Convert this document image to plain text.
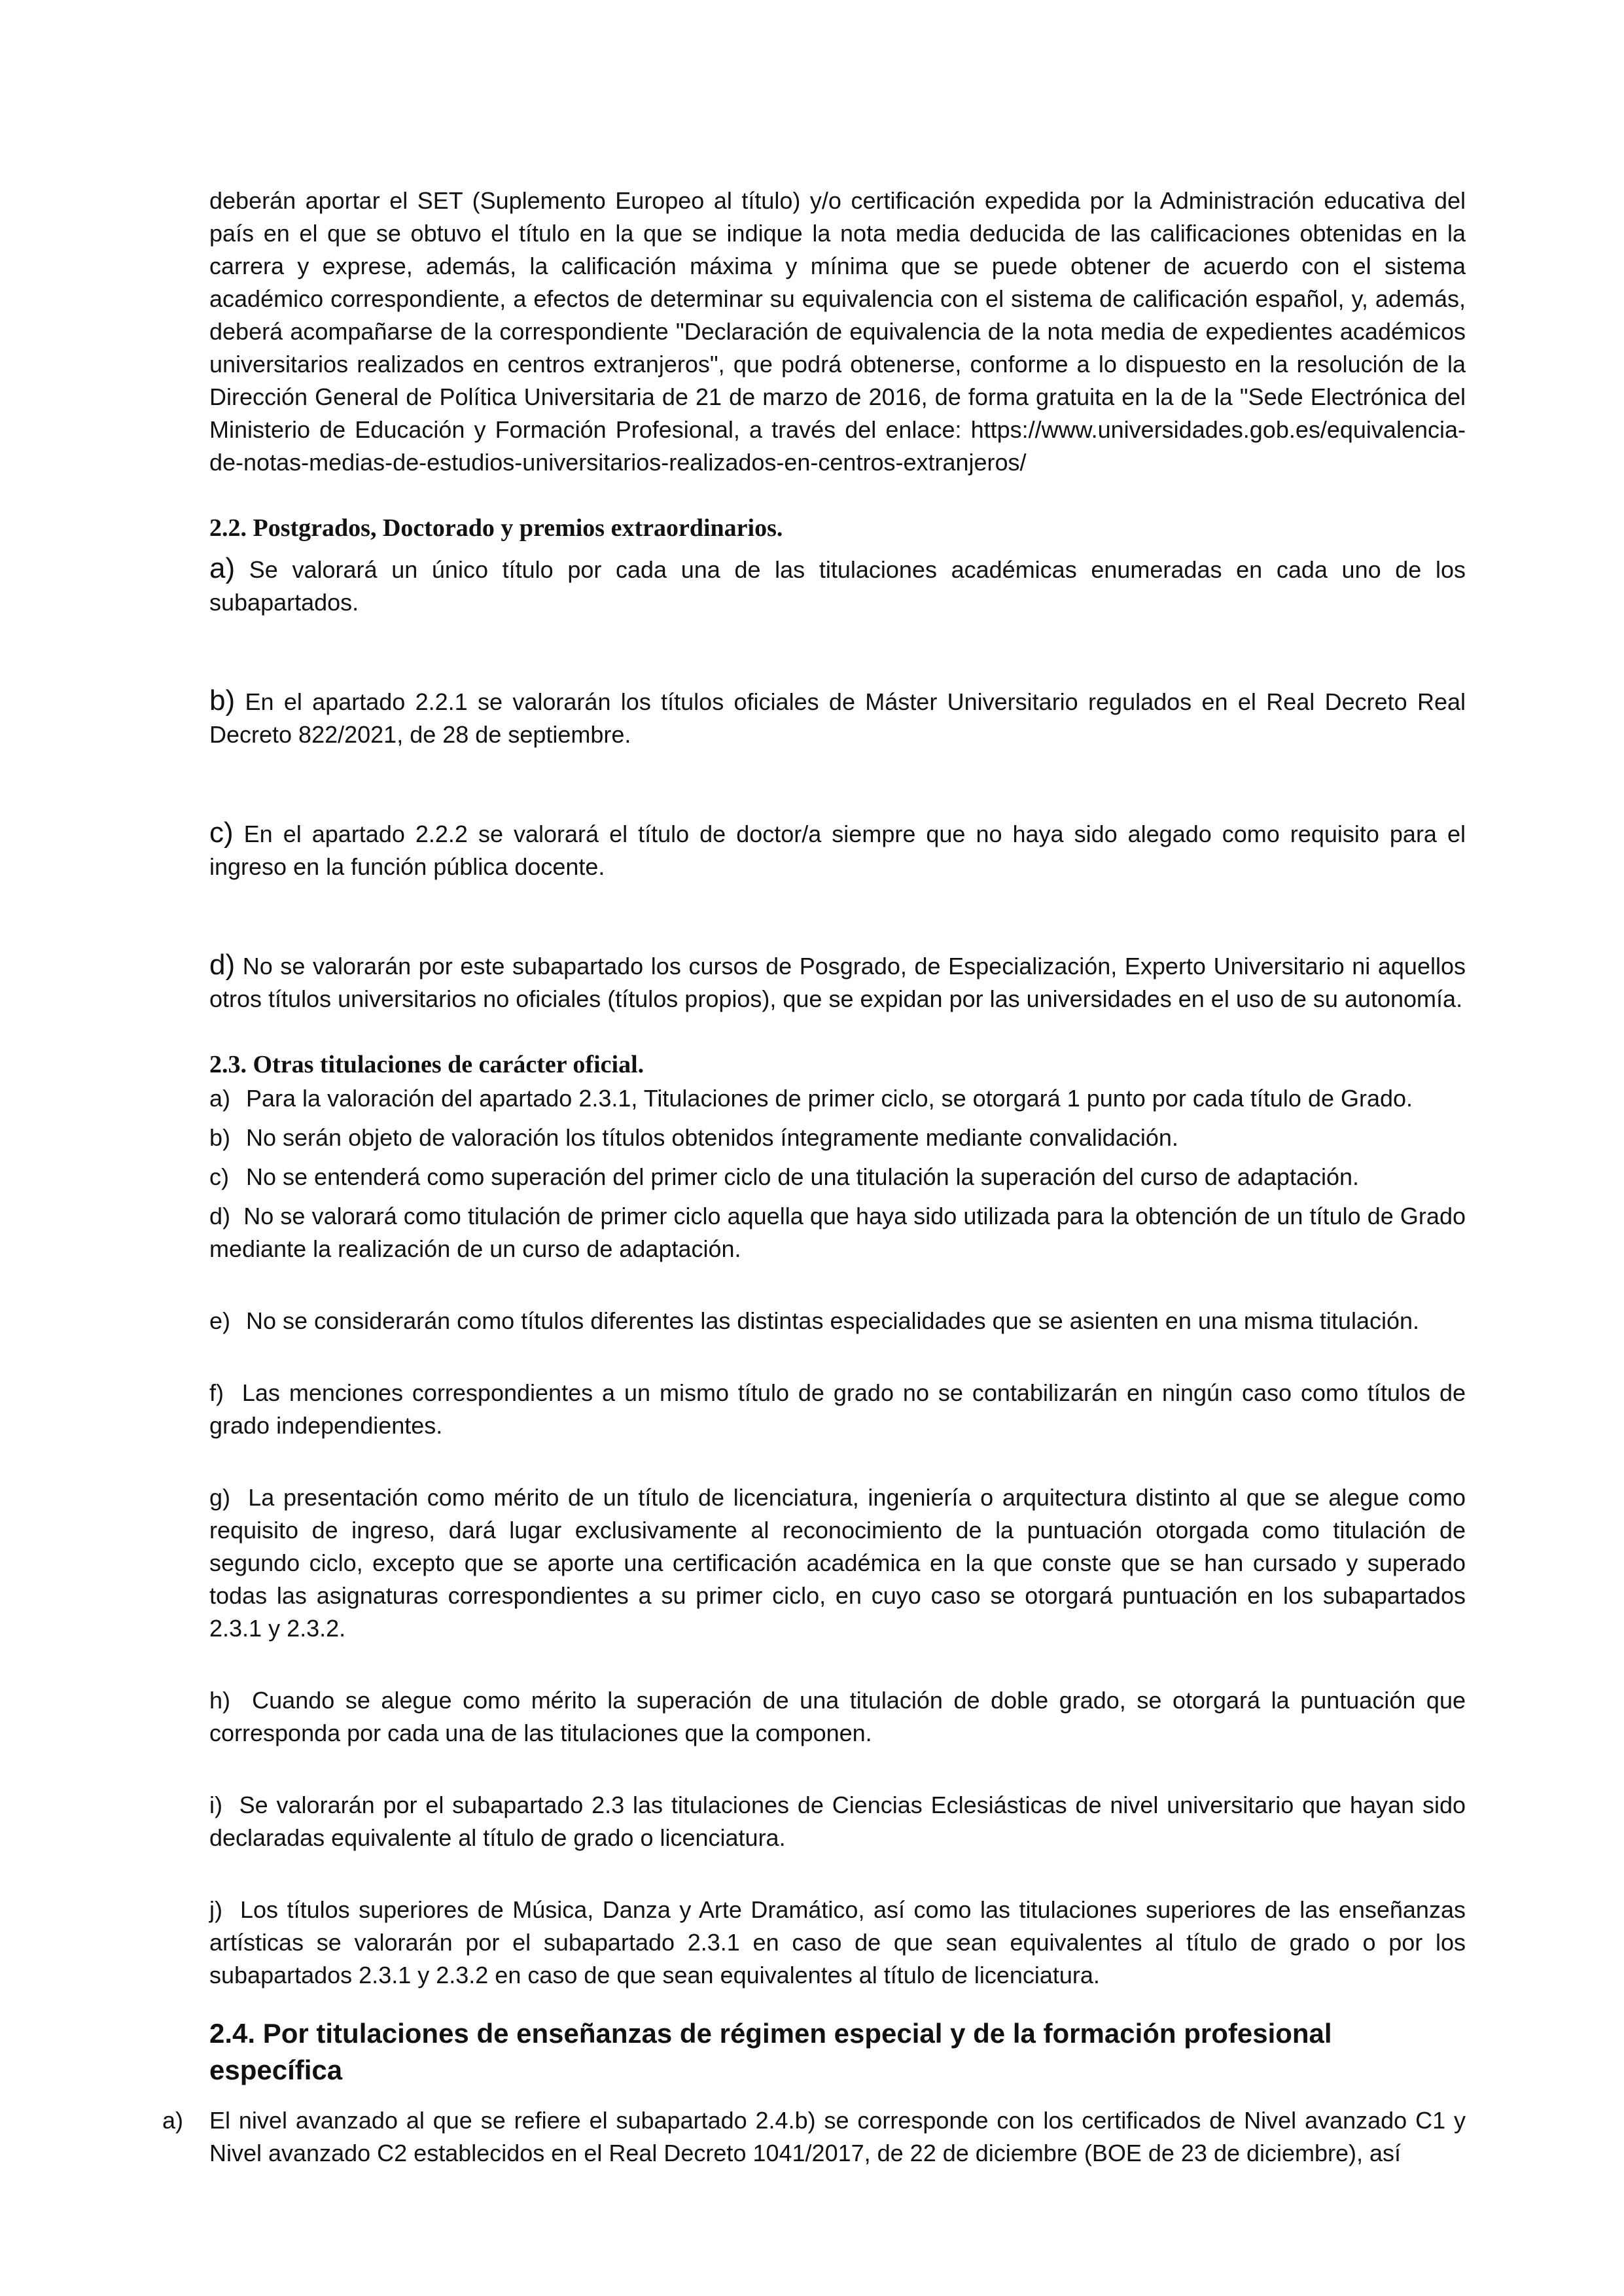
deberán aportar el SET (Suplemento Europeo al título) y/o certificación expedida por la Administración educativa del país en el que se obtuvo el título en la que se indique la nota media deducida de las calificaciones obtenidas en la carrera y exprese, además, la calificación máxima y mínima que se puede obtener de acuerdo con el sistema académico correspondiente, a efectos de determinar su equivalencia con el sistema de calificación español, y, además, deberá acompañarse de la correspondiente "Declaración de equivalencia de la nota media de expedientes académicos universitarios realizados en centros extranjeros", que podrá obtenerse, conforme a lo dispuesto en la resolución de la Dirección General de Política Universitaria de 21 de marzo de 2016, de forma gratuita en la de la "Sede Electrónica del Ministerio de Educación y Formación Profesional, a través del enlace: https://www.universidades.gob.es/equivalencia-de-notas-medias-de-estudios-universitarios-realizados-en-centros-extranjeros/

2.2. Postgrados, Doctorado y premios extraordinarios.

a) Se valorará un único título por cada una de las titulaciones académicas enumeradas en cada uno de los subapartados.

b) En el apartado 2.2.1 se valorarán los títulos oficiales de Máster Universitario regulados en el Real Decreto Real Decreto 822/2021, de 28 de septiembre.

c) En el apartado 2.2.2 se valorará el título de doctor/a siempre que no haya sido alegado como requisito para el ingreso en la función pública docente.

d) No se valorarán por este subapartado los cursos de Posgrado, de Especialización, Experto Universitario ni aquellos otros títulos universitarios no oficiales (títulos propios), que se expidan por las universidades en el uso de su autonomía.

2.3. Otras titulaciones de carácter oficial.

a) Para la valoración del apartado 2.3.1, Titulaciones de primer ciclo, se otorgará 1 punto por cada título de Grado.

b) No serán objeto de valoración los títulos obtenidos íntegramente mediante convalidación.

c) No se entenderá como superación del primer ciclo de una titulación la superación del curso de adaptación.

d) No se valorará como titulación de primer ciclo aquella que haya sido utilizada para la obtención de un título de Grado mediante la realización de un curso de adaptación.

e) No se considerarán como títulos diferentes las distintas especialidades que se asienten en una misma titulación.

f) Las menciones correspondientes a un mismo título de grado no se contabilizarán en ningún caso como títulos de grado independientes.

g) La presentación como mérito de un título de licenciatura, ingeniería o arquitectura distinto al que se alegue como requisito de ingreso, dará lugar exclusivamente al reconocimiento de la puntuación otorgada como titulación de segundo ciclo, excepto que se aporte una certificación académica en la que conste que se han cursado y superado todas las asignaturas correspondientes a su primer ciclo, en cuyo caso se otorgará puntuación en los subapartados 2.3.1 y 2.3.2.

h) Cuando se alegue como mérito la superación de una titulación de doble grado, se otorgará la puntuación que corresponda por cada una de las titulaciones que la componen.

i) Se valorarán por el subapartado 2.3 las titulaciones de Ciencias Eclesiásticas de nivel universitario que hayan sido declaradas equivalente al título de grado o licenciatura.

j) Los títulos superiores de Música, Danza y Arte Dramático, así como las titulaciones superiores de las enseñanzas artísticas se valorarán por el subapartado 2.3.1 en caso de que sean equivalentes al título de grado o por los subapartados 2.3.1 y 2.3.2 en caso de que sean equivalentes al título de licenciatura.

2.4. Por titulaciones de enseñanzas de régimen especial y de la formación profesional específica

a)	El nivel avanzado al que se refiere el subapartado 2.4.b) se corresponde con los certificados de Nivel avanzado C1 y Nivel avanzado C2 establecidos en el Real Decreto 1041/2017, de 22 de diciembre (BOE de 23 de diciembre), así
